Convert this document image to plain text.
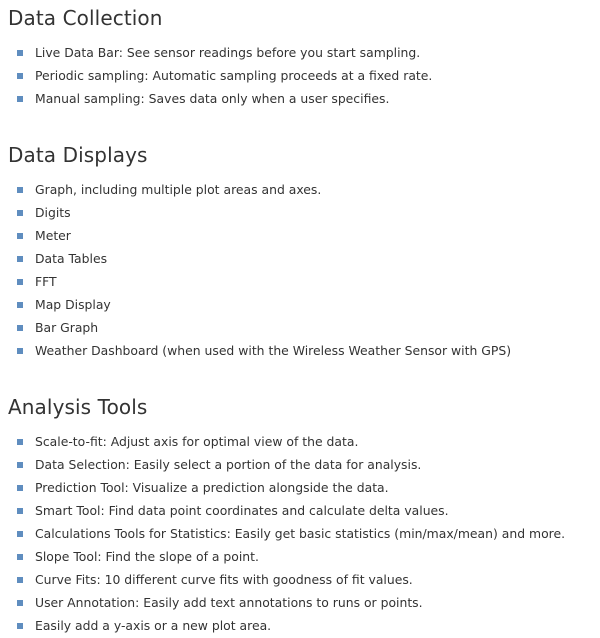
Data Collection
Live Data Bar: See sensor readings before you start sampling.
Periodic sampling: Automatic sampling proceeds at a fixed rate.
Manual sampling: Saves data only when a user specifies.
Data Displays
Graph, including multiple plot areas and axes.
Digits
Meter
Data Tables
FFT
Map Display
Bar Graph
Weather Dashboard (when used with the Wireless Weather Sensor with GPS)
Analysis Tools
Scale-to-fit: Adjust axis for optimal view of the data.
Data Selection: Easily select a portion of the data for analysis.
Prediction Tool: Visualize a prediction alongside the data.
Smart Tool: Find data point coordinates and calculate delta values.
Calculations Tools for Statistics: Easily get basic statistics (min/max/mean) and more.
Slope Tool: Find the slope of a point.
Curve Fits: 10 different curve fits with goodness of fit values.
User Annotation: Easily add text annotations to runs or points.
Easily add a y-axis or a new plot area.
